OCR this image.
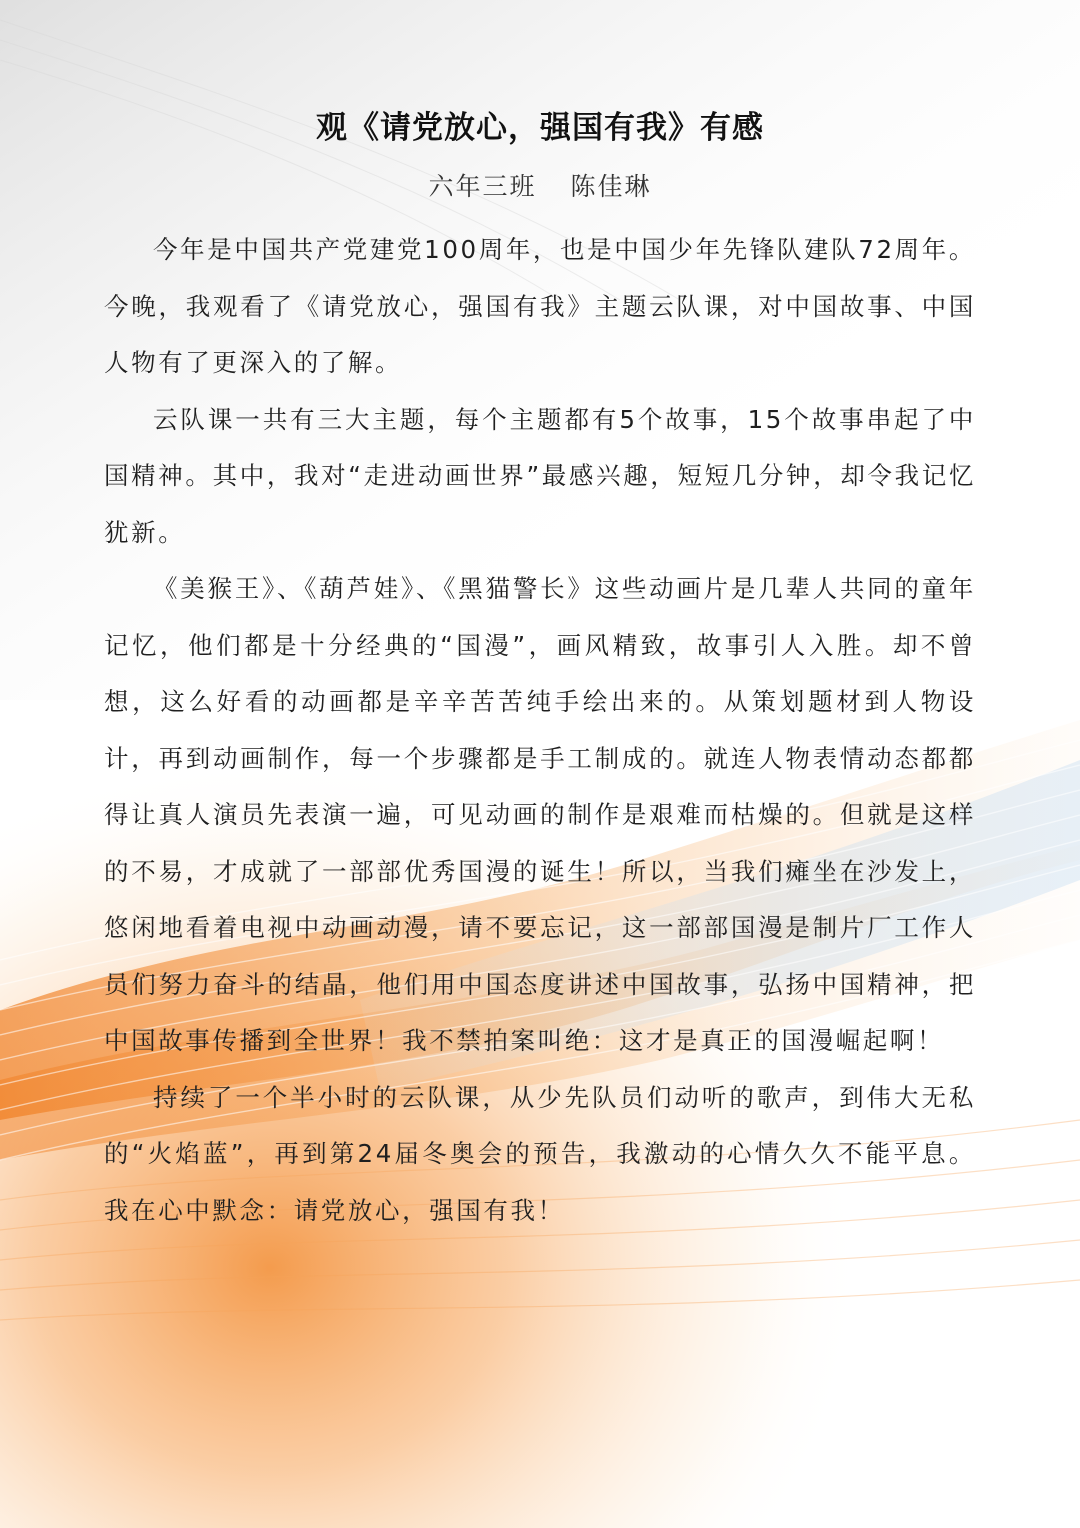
观《请党放心，强国有我》有感

六年三班 陈佳琳

今年是中国共产党建党100周年，也是中国少年先锋队建队72周年。今晚，我观看了《请党放心，强国有我》主题云队课，对中国故事、中国人物有了更深入的了解。

云队课一共有三大主题，每个主题都有5个故事，15个故事串起了中国精神。其中，我对“走进动画世界”最感兴趣，短短几分钟，却令我记忆犹新。

《美猴王》、《葫芦娃》、《黑猫警长》这些动画片是几辈人共同的童年记忆，他们都是十分经典的“国漫”，画风精致，故事引人入胜。却不曾想，这么好看的动画都是辛辛苦苦纯手绘出来的。从策划题材到人物设计，再到动画制作，每一个步骤都是手工制成的。就连人物表情动态都都得让真人演员先表演一遍，可见动画的制作是艰难而枯燥的。但就是这样的不易，才成就了一部部优秀国漫的诞生！所以，当我们瘫坐在沙发上，悠闲地看着电视中动画动漫，请不要忘记，这一部部国漫是制片厂工作人员们努力奋斗的结晶，他们用中国态度讲述中国故事，弘扬中国精神，把中国故事传播到全世界！我不禁拍案叫绝：这才是真正的国漫崛起啊！

持续了一个半小时的云队课，从少先队员们动听的歌声，到伟大无私的“火焰蓝”，再到第24届冬奥会的预告，我激动的心情久久不能平息。我在心中默念：请党放心，强国有我！
